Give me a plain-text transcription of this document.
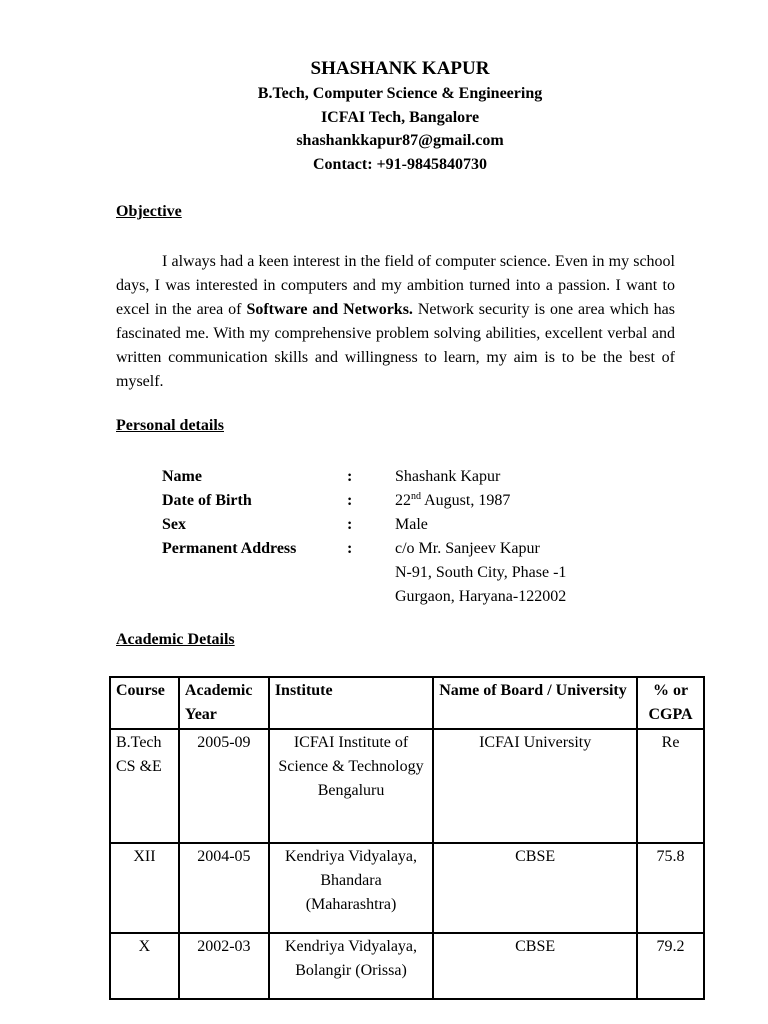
SHASHANK KAPUR
B.Tech, Computer Science & Engineering
ICFAI Tech, Bangalore
shashankkapur87@gmail.com
Contact: +91-9845840730
Objective
I always had a keen interest in the field of computer science. Even in my school days, I was interested in computers and my ambition turned into a passion. I want to excel in the area of Software and Networks. Network security is one area which has fascinated me. With my comprehensive problem solving abilities, excellent verbal and written communication skills and willingness to learn, my aim is to be the best of myself.
Personal details
Name	:	Shashank Kapur
Date of Birth	:	22nd August, 1987
Sex	:	Male
Permanent Address	:	c/o Mr. Sanjeev Kapur
N-91, South City, Phase -1
Gurgaon, Haryana-122002
Academic Details
Course	Academic Year	Institute	Name of Board / University	% or CGPA
B.Tech CS &E	2005-09	ICFAI Institute of Science & Technology Bengaluru	ICFAI University	Re
XII	2004-05	Kendriya Vidyalaya, Bhandara (Maharashtra)	CBSE	75.8
X	2002-03	Kendriya Vidyalaya, Bolangir (Orissa)	CBSE	79.2
